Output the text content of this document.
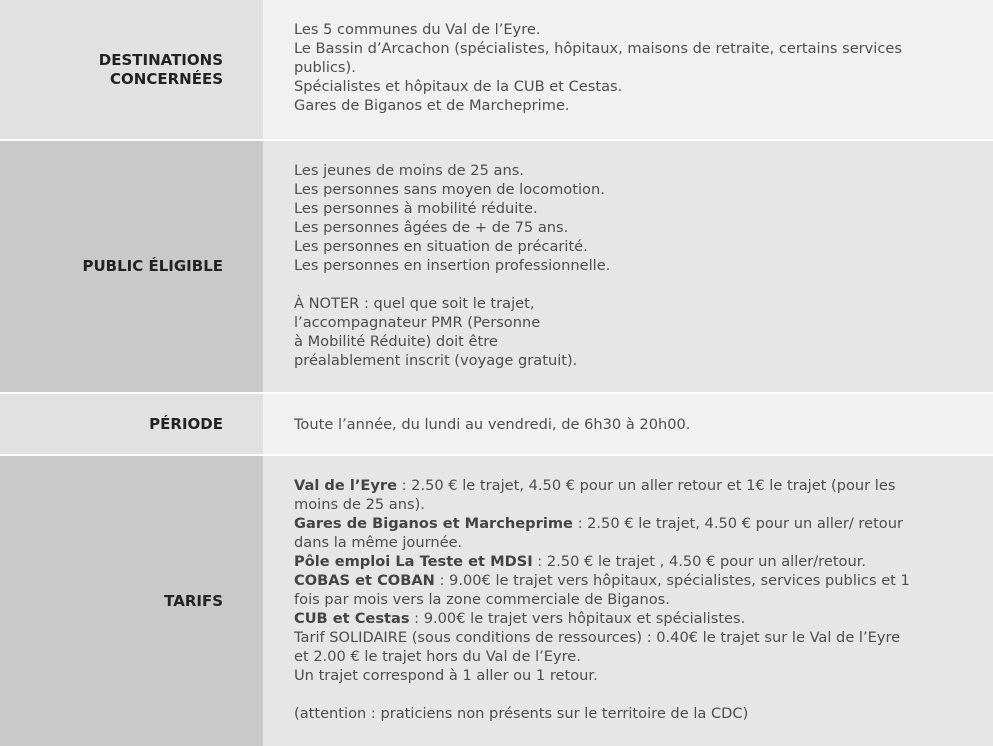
DESTINATIONS
CONCERNÉES
Les 5 communes du Val de l’Eyre.
Le Bassin d’Arcachon (spécialistes, hôpitaux, maisons de retraite, certains services
publics).
Spécialistes et hôpitaux de la CUB et Cestas.
Gares de Biganos et de Marcheprime.
PUBLIC ÉLIGIBLE
Les jeunes de moins de 25 ans.
Les personnes sans moyen de locomotion.
Les personnes à mobilité réduite.
Les personnes âgées de + de 75 ans.
Les personnes en situation de précarité.
Les personnes en insertion professionnelle.
À NOTER : quel que soit le trajet,
l’accompagnateur PMR (Personne
à Mobilité Réduite) doit être
préalablement inscrit (voyage gratuit).
PÉRIODE	Toute l’année, du lundi au vendredi, de 6h30 à 20h00.
TARIFS
Val de l’Eyre : 2.50 € le trajet, 4.50 € pour un aller retour et 1€ le trajet (pour les
moins de 25 ans).
Gares de Biganos et Marcheprime : 2.50 € le trajet, 4.50 € pour un aller/ retour
dans la même journée.
Pôle emploi La Teste et MDSI : 2.50 € le trajet , 4.50 € pour un aller/retour.
COBAS et COBAN : 9.00€ le trajet vers hôpitaux, spécialistes, services publics et 1
fois par mois vers la zone commerciale de Biganos.
CUB et Cestas : 9.00€ le trajet vers hôpitaux et spécialistes.
Tarif SOLIDAIRE (sous conditions de ressources) : 0.40€ le trajet sur le Val de l’Eyre
et 2.00 € le trajet hors du Val de l’Eyre.
Un trajet correspond à 1 aller ou 1 retour.
(attention : praticiens non présents sur le territoire de la CDC)
